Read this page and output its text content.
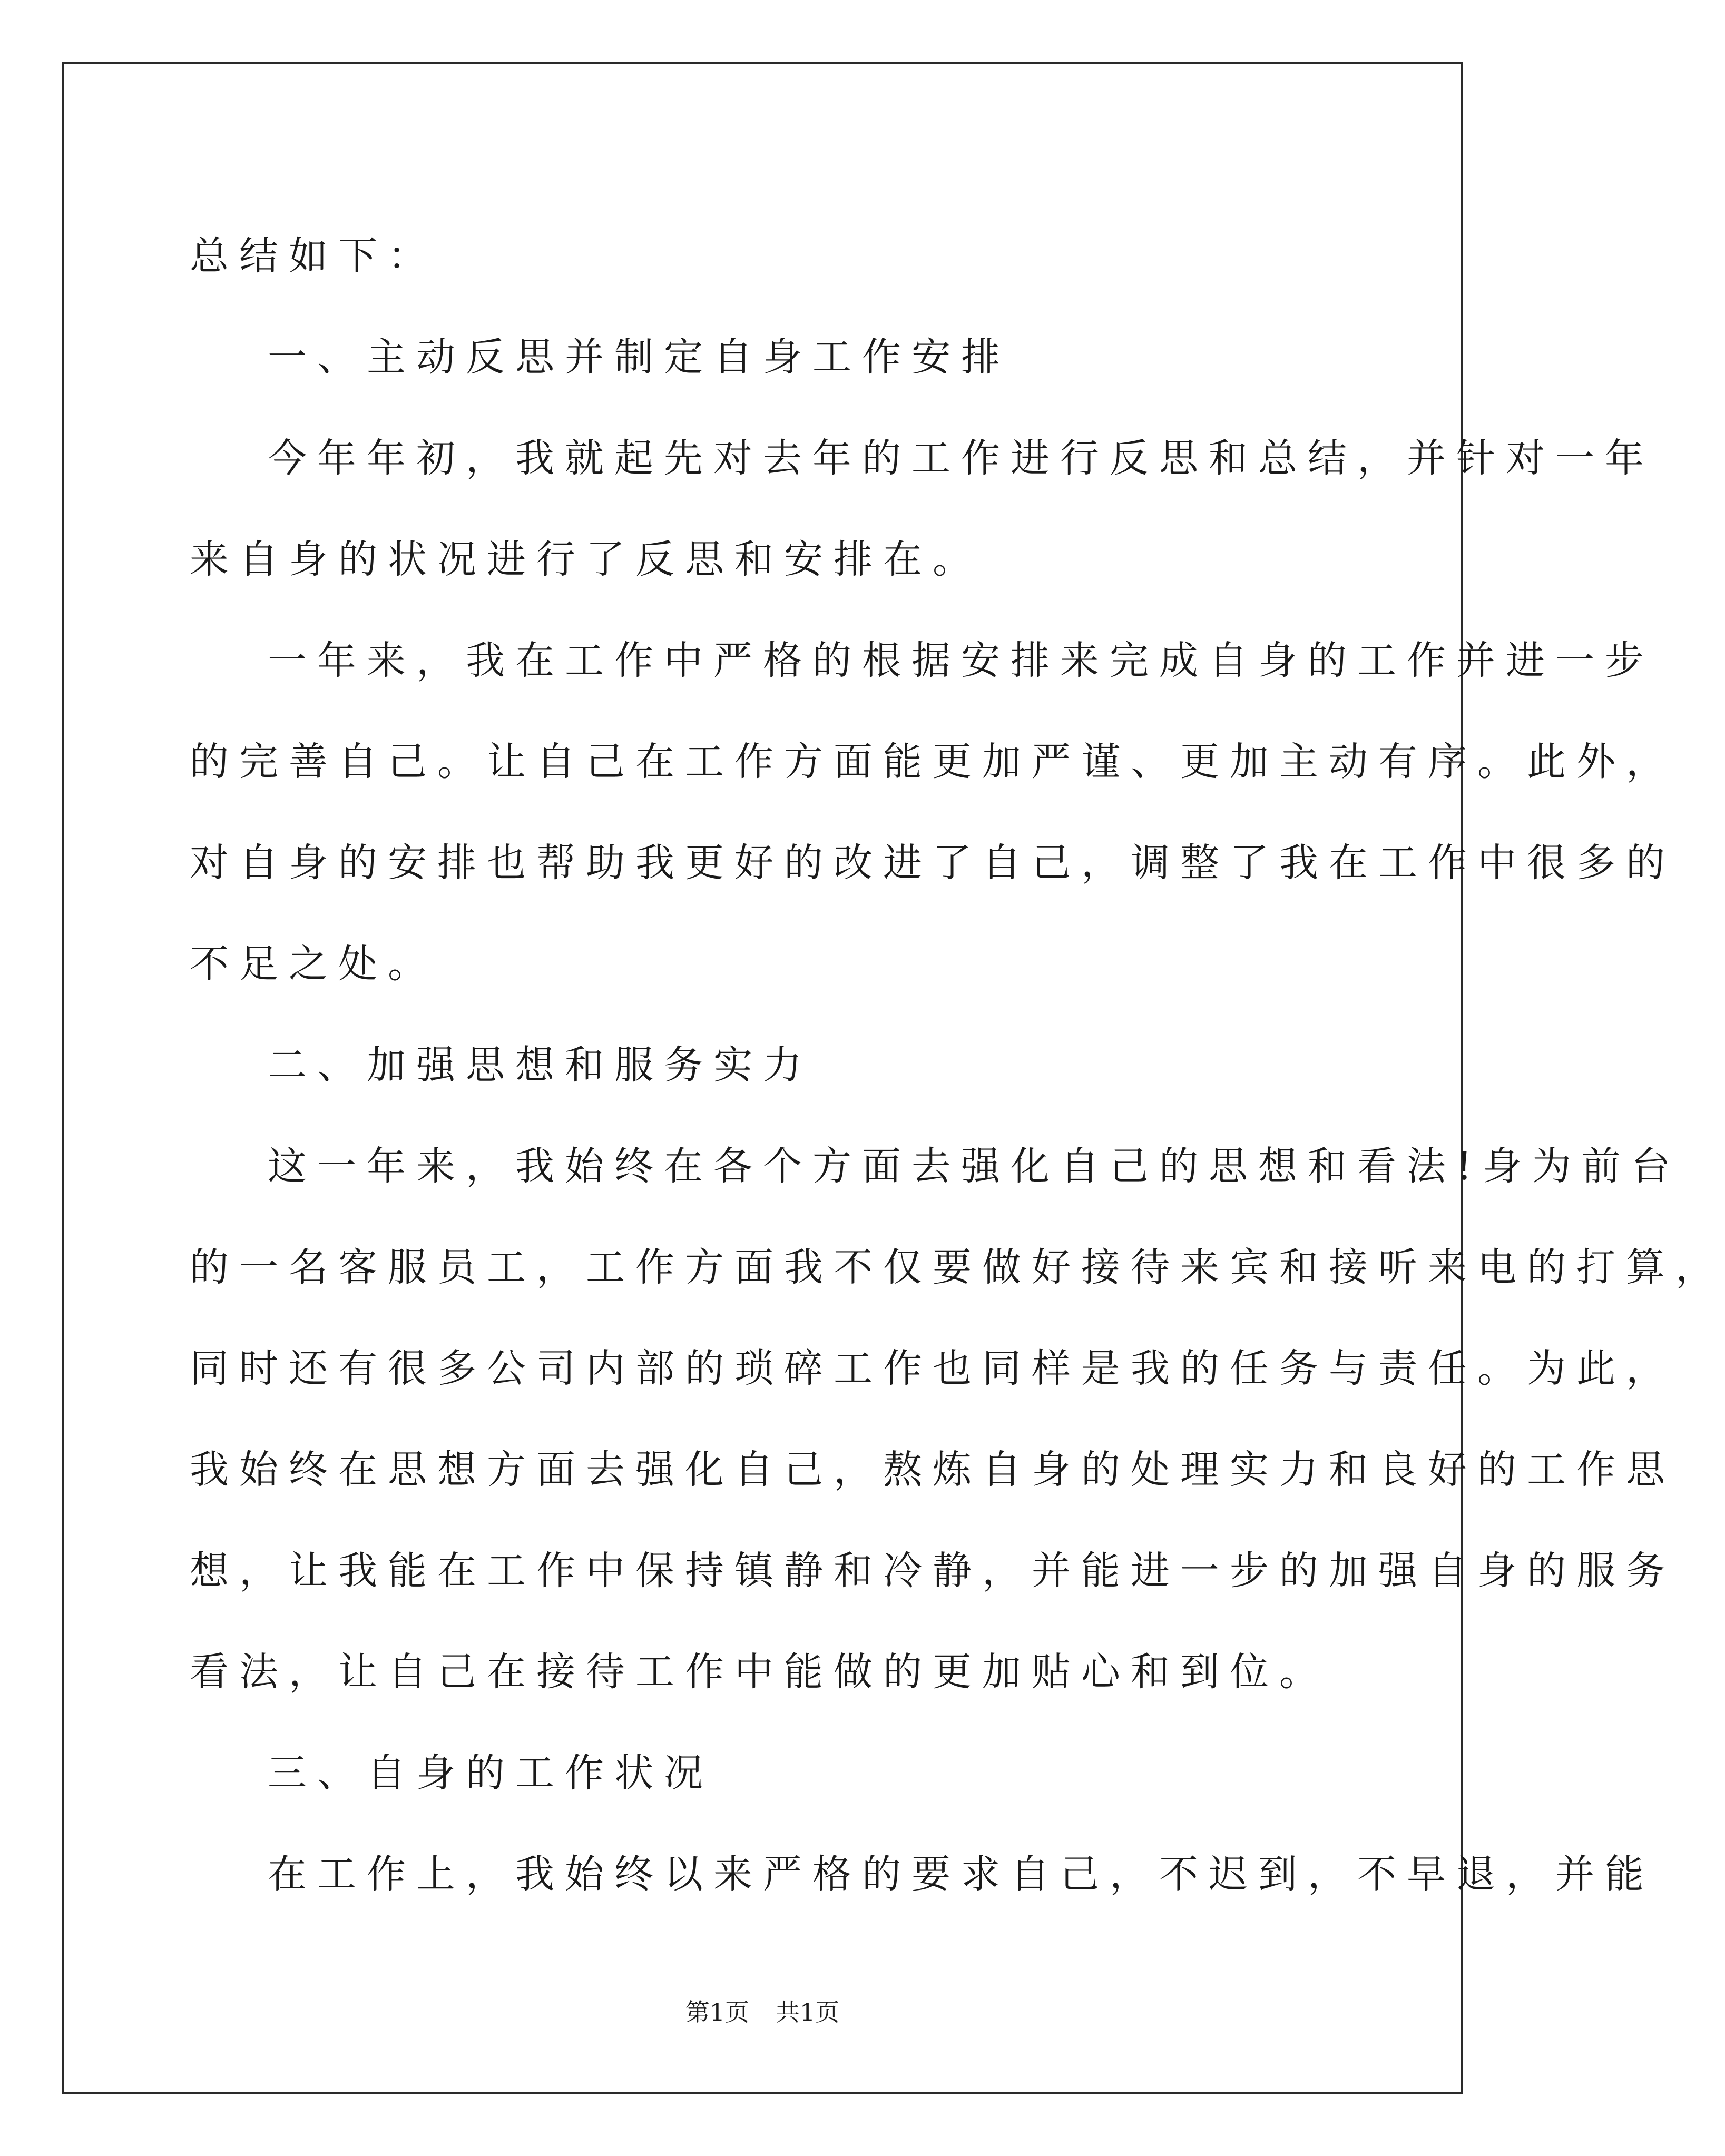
总结如下：

一、主动反思并制定自身工作安排

今年年初，我就起先对去年的工作进行反思和总结，并针对一年

来自身的状况进行了反思和安排在。

一年来，我在工作中严格的根据安排来完成自身的工作并进一步

的完善自己。让自己在工作方面能更加严谨、更加主动有序。此外，

对自身的安排也帮助我更好的改进了自己，调整了我在工作中很多的

不足之处。

二、加强思想和服务实力

这一年来，我始终在各个方面去强化自己的思想和看法!身为前台

的一名客服员工，工作方面我不仅要做好接待来宾和接听来电的打算，

同时还有很多公司内部的琐碎工作也同样是我的任务与责任。为此，

我始终在思想方面去强化自己，熬炼自身的处理实力和良好的工作思

想，让我能在工作中保持镇静和冷静，并能进一步的加强自身的服务

看法，让自己在接待工作中能做的更加贴心和到位。

三、自身的工作状况

在工作上，我始终以来严格的要求自己，不迟到，不早退，并能

第1页 共1页
